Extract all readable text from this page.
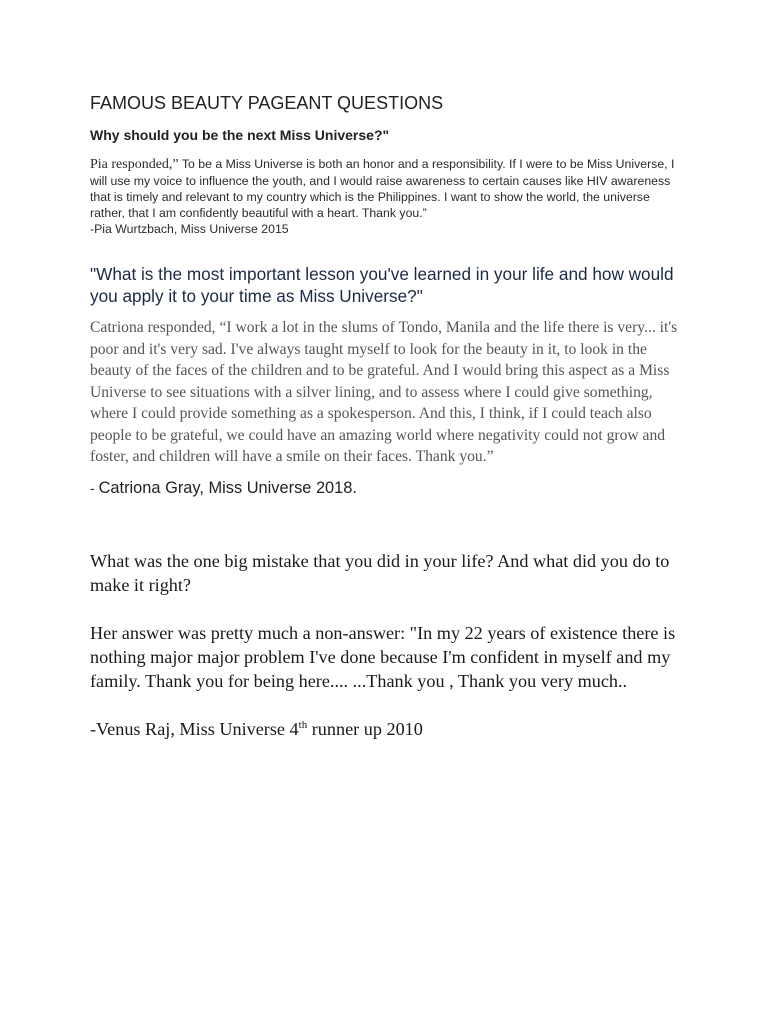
FAMOUS BEAUTY PAGEANT QUESTIONS
Why should you be the next Miss Universe?"
Pia responded,” To be a Miss Universe is both an honor and a responsibility. If I were to be Miss Universe, I will use my voice to influence the youth, and I would raise awareness to certain causes like HIV awareness that is timely and relevant to my country which is the Philippines. I want to show the world, the universe rather, that I am confidently beautiful with a heart. Thank you.”
-Pia Wurtzbach, Miss Universe 2015
"What is the most important lesson you've learned in your life and how would you apply it to your time as Miss Universe?"
Catriona responded, “I work a lot in the slums of Tondo, Manila and the life there is very... it's poor and it's very sad. I've always taught myself to look for the beauty in it, to look in the beauty of the faces of the children and to be grateful. And I would bring this aspect as a Miss Universe to see situations with a silver lining, and to assess where I could give something, where I could provide something as a spokesperson. And this, I think, if I could teach also people to be grateful, we could have an amazing world where negativity could not grow and foster, and children will have a smile on their faces. Thank you.”
- Catriona Gray, Miss Universe 2018.
What was the one big mistake that you did in your life? And what did you do to make it right?
Her answer was pretty much a non-answer: "In my 22 years of existence there is nothing major major problem I've done because I'm confident in myself and my family. Thank you for being here.... ...Thank you , Thank you very much..
-Venus Raj, Miss Universe 4th runner up 2010
